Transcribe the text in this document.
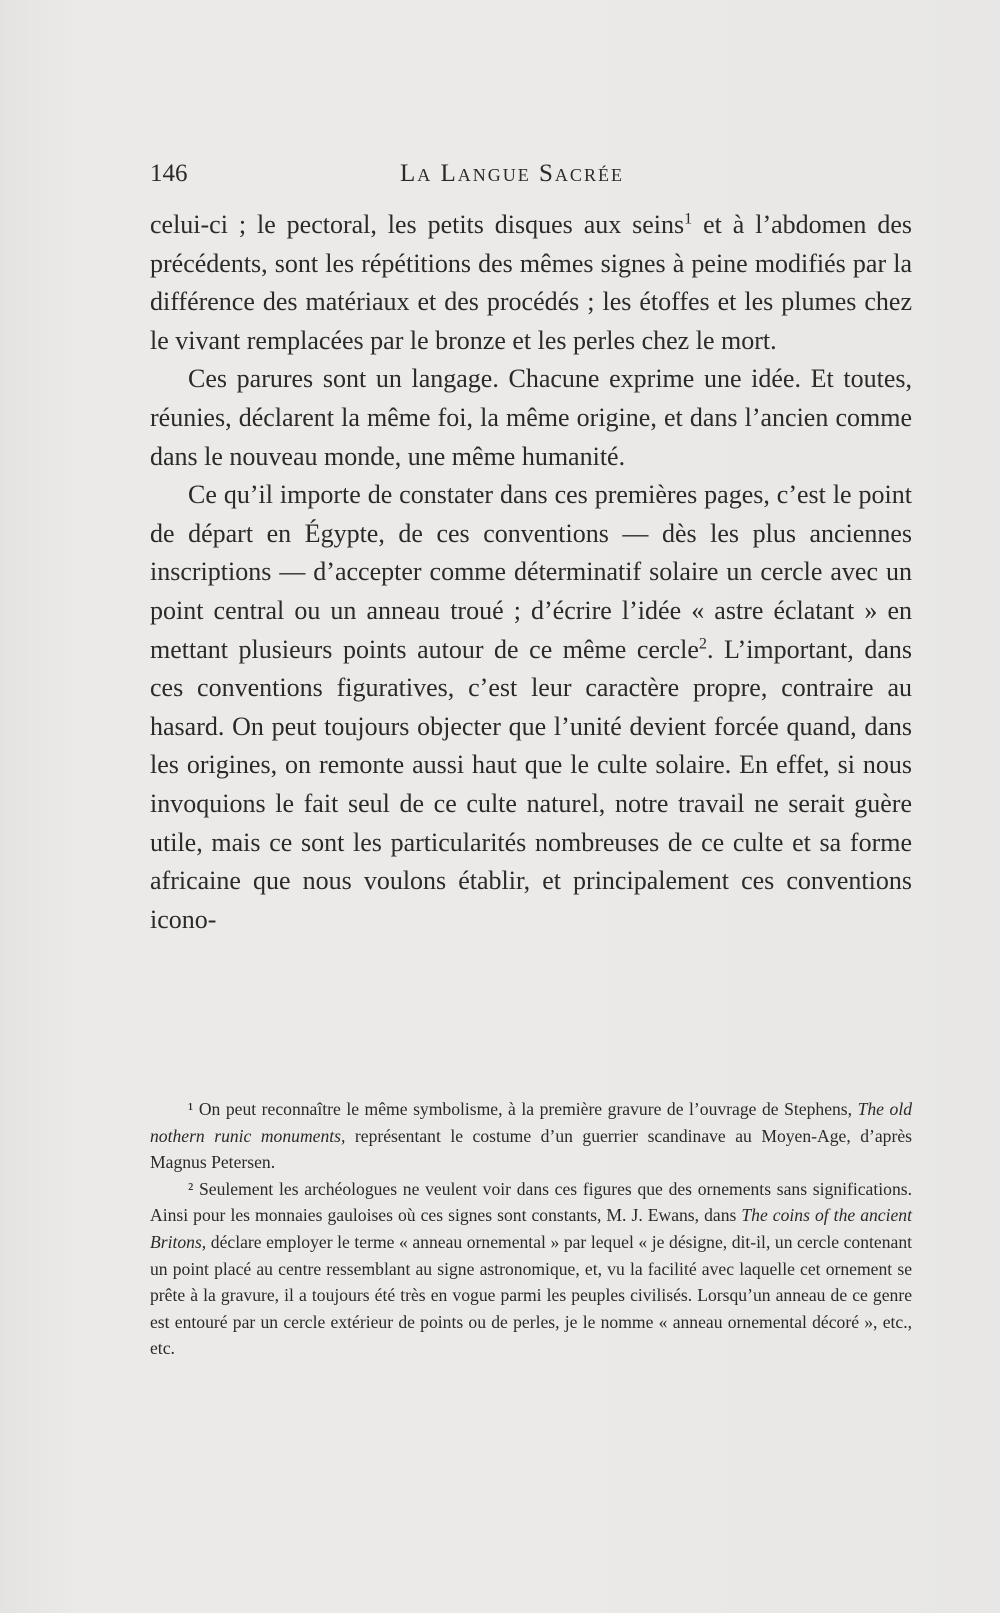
146	La Langue Sacrée

celui-ci ; le pectoral, les petits disques aux seins$^1$ et à l’abdomen des précédents, sont les répétitions des mêmes signes à peine modifiés par la différence des matériaux et des procédés ; les étoffes et les plumes chez le vivant remplacées par le bronze et les perles chez le mort.

Ces parures sont un langage. Chacune exprime une idée. Et toutes, réunies, déclarent la même foi, la même origine, et dans l’ancien comme dans le nouveau monde, une même humanité.

Ce qu’il importe de constater dans ces premières pages, c’est le point de départ en Égypte, de ces conventions — dès les plus anciennes inscriptions — d’accepter comme déterminatif solaire un cercle avec un point central ou un anneau troué ; d’écrire l’idée « astre éclatant » en mettant plusieurs points autour de ce même cercle$^2$. L’important, dans ces conventions figuratives, c’est leur caractère propre, contraire au hasard. On peut toujours objecter que l’unité devient forcée quand, dans les origines, on remonte aussi haut que le culte solaire. En effet, si nous invoquions le fait seul de ce culte naturel, notre travail ne serait guère utile, mais ce sont les particularités nombreuses de ce culte et sa forme africaine que nous voulons établir, et principalement ces conventions icono-

¹ On peut reconnaître le même symbolisme, à la première gravure de l’ouvrage de Stephens, The old nothern runic monuments, représentant le costume d’un guerrier scandinave au Moyen-Age, d’après Magnus Petersen.

² Seulement les archéologues ne veulent voir dans ces figures que des ornements sans significations. Ainsi pour les monnaies gauloises où ces signes sont constants, M. J. Ewans, dans The coins of the ancient Britons, déclare employer le terme « anneau ornemental » par lequel « je désigne, dit-il, un cercle contenant un point placé au centre ressemblant au signe astronomique, et, vu la facilité avec laquelle cet ornement se prête à la gravure, il a toujours été très en vogue parmi les peuples civilisés. Lorsqu’un anneau de ce genre est entouré par un cercle extérieur de points ou de perles, je le nomme « anneau ornemental décoré », etc., etc.
